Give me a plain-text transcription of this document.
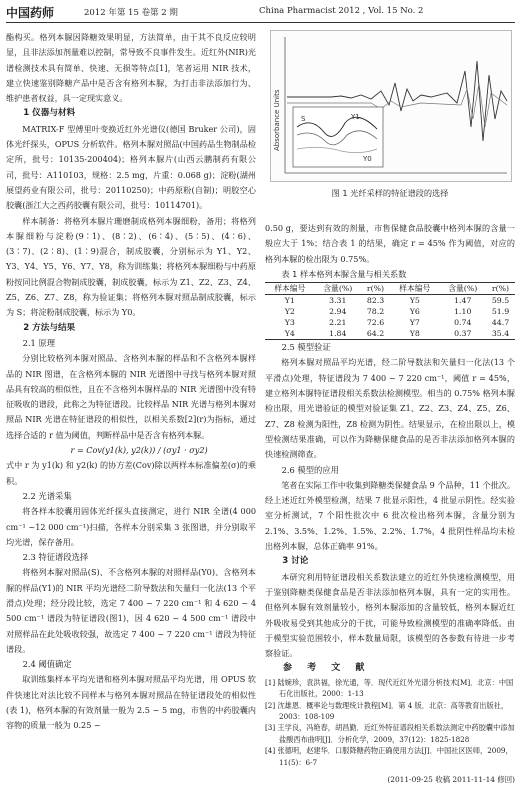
中国药师	2012 年第 15 卷第 2 期	China Pharmacist 2012 , Vol. 15 No. 2

酯构买。格列本脲因降糖效果明显，方法简单，由于其不良反应较明显，且非法添加剂量难以控制，常导致不良事件发生。近红外(NIR)光谱检测技术具有简单、快速、无损等特点[1]，笔者运用 NIR 技术，建立快速鉴别降糖产品中是否含有格列本脲，为打击非法添加行为、维护患者权益，具一定现实意义。

1 仪器与材料

MATRIX-F 型傅里叶变换近红外光谱仪(德国 Bruker 公司)，固体光纤探头，OPUS 分析软件。格列本脲对照品(中国药品生物制品检定所，批号：10135-200404)；格列本脲片(山西云鹏制药有限公司，批号：A110103，规格：2.5 mg，片重：0.068 g)；淀粉(湖州展望药业有限公司，批号：20110250)；中药原粉(自制)；明胶空心胶囊(浙江大之西药胶囊有限公司，批号：10114701)。

样本制备：将格列本脲片珊磨制成格列本脲细粉，备用；将格列本脲细粉与淀粉(9∶1)、(8∶2)、(6∶4)、(5∶5)、(4∶6)、(3∶7)、(2∶8)、(1∶9)混合，制成胶囊，分别标示为 Y1、Y2、Y3、Y4、Y5、Y6、Y7、Y8，称为训练集；将格列本脲细粉与中药原粉按同比例混合物制成胶囊，制成胶囊，标示为 Z1、Z2、Z3、Z4、Z5、Z6、Z7、Z8，称为验证集；将格列本脲对照品制成胶囊，标示为 S；将淀粉制成胶囊，标示为 Y0。

2 方法与结果

2.1 原理

分别比较格列本脲对照品、含格列本脲的样品和不含格列本脲样品的 NIR 图谱，在含格列本脲的 NIR 光谱图中寻找与格列本脲对照品具有较高的相似性，且在不含格列本脲样品的 NIR 光谱图中没有特征吸收的谱段，此称之为特征谱段。比较样品 NIR 光谱与格列本脲对照品 NIR 光谱在特征谱段的相似性，以相关系数[2](r)为指标，通过选择合适的 r 值为阈值，判断样品中是否含有格列本脲。

r = Cov(y1(k), y2(k)) / (σy1 · σy2)

式中 r 为 y1(k) 和 y2(k) 的协方差(Cov)除以两样本标准偏差(σ)的乘积。

2.2 光谱采集

将各样本胶囊用固体光纤探头直接测定，进行 NIR 全谱(4 000 cm⁻¹ ~12 000 cm⁻¹)扫描，各样本分别采集 3 张图谱，并分别取平均光谱，保存备用。

2.3 特征谱段选择

将格列本脲对照品(S)、不含格列本脲的对照样品(Y0)、含格列本脲的样品(Y1)的 NIR 平均光谱经二阶导数法和矢量归一化法(13 个平滑点)处理；经分段比较，选定 7 400 ~ 7 220 cm⁻¹ 和 4 620 ~ 4 500 cm⁻¹ 谱段为特征谱段(图1)，因 4 620 ~ 4 500 cm⁻¹ 谱段中对照样品在此处吸收较强，故选定 7 400 ~ 7 220 cm⁻¹ 谱段为特征谱段。

2.4 阈值确定

取训练集样本平均光谱和格列本脲对照品平均光谱，用 OPUS 软件快速比对法比较不同样本与格列本脲对照品在特征谱段处的相似性(表 1)，格列本脲的有效剂量一般为 2.5 ~ 5 mg，市售的中药胶囊内容物的质量一般为 0.25 ~

Absorbance Units	S	Y1
Y0
图 1 光纤采样的特征谱段的选择

0.50 g，要达到有效的剂量，市售保健食品胶囊中格列本脲的含量一般应大于 1%；结合表 1 的结果，确定 r = 45% 作为阈值，对应的格列本脲的检出限为 0.75%。

表 1 样本格列本脲含量与相关系数

样本编号	含量(%)	r(%)	样本编号	含量(%)	r(%)
Y1	3.31	82.3	Y5	1.47	59.5
Y2	2.94	78.2	Y6	1.10	51.9
Y3	2.21	72.6	Y7	0.74	44.7
Y4	1.84	64.2	Y8	0.37	35.4

2.5 模型验证

格列本脲对照品平均光谱，经二阶导数法和矢量归一化法(13 个平滑点)处理，特征谱段为 7 400 ~ 7 220 cm⁻¹，阈值 r = 45%，建立格列本脲特征谱段相关系数法检测模型。相当的 0.75% 格列本脲检出限，用光谱验证的模型对验证集 Z1、Z2、Z3、Z4、Z5、Z6、Z7、Z8 检测为阳性，Z8 检测为阴性。结果显示，在检出限以上，模型检测结果准确，可以作为降糖保健食品的是否非法添加格列本脲的快速检测筛查。

2.6 模型的应用

笔者在实际工作中收集到降糖类保健食品 9 个品种，11 个批次。经上述近红外模型检测，结果 7 批显示阳性，4 批显示阴性。经实验室分析测试，7 个阳性批次中 6 批次检出格列本脲，含量分别为 2.1%、3.5%、1.2%、1.5%、2.2%、1.7%，4 批阴性样品均未检出格列本脲，总体正确率 91%。

3 讨论

本研究利用特征谱段相关系数法建立的近红外快速检测模型，用于鉴别降糖类保健食品是否非法添加格列本脲，具有一定的实用性。但格列本脲有效剂量较小，格列本脲添加的含量较低，格列本脲近红外吸收易受到其他成分的干扰，可能导致检测模型的准确率降低。由于模型实验范围较小，样本数量局限，该模型的各参数有待进一步考察验证。

参 考 文 献

[1] 陆婉珍，袁洪福，徐光通，等．现代近红外光谱分析技术[M]．北京：中国石化出版社，2000：1-13
[2] 沈雄恩．概率论与数理统计教程[M]．第 4 版．北京：高等教育出版社，2003：108-109
[3] 王学良，冯艳春，胡昌勤．近红外特征谱段相关系数法测定中药胶囊中添加盐酸西布曲明[J]．分析化学，2009，37(12)：1825-1828
[4] 张德明，赵建华．口服降糖药物正确使用方法[J]．中国社区医师，2009，11(5)：6-7
(2011-09-25 收稿 2011-11-14 修回)
